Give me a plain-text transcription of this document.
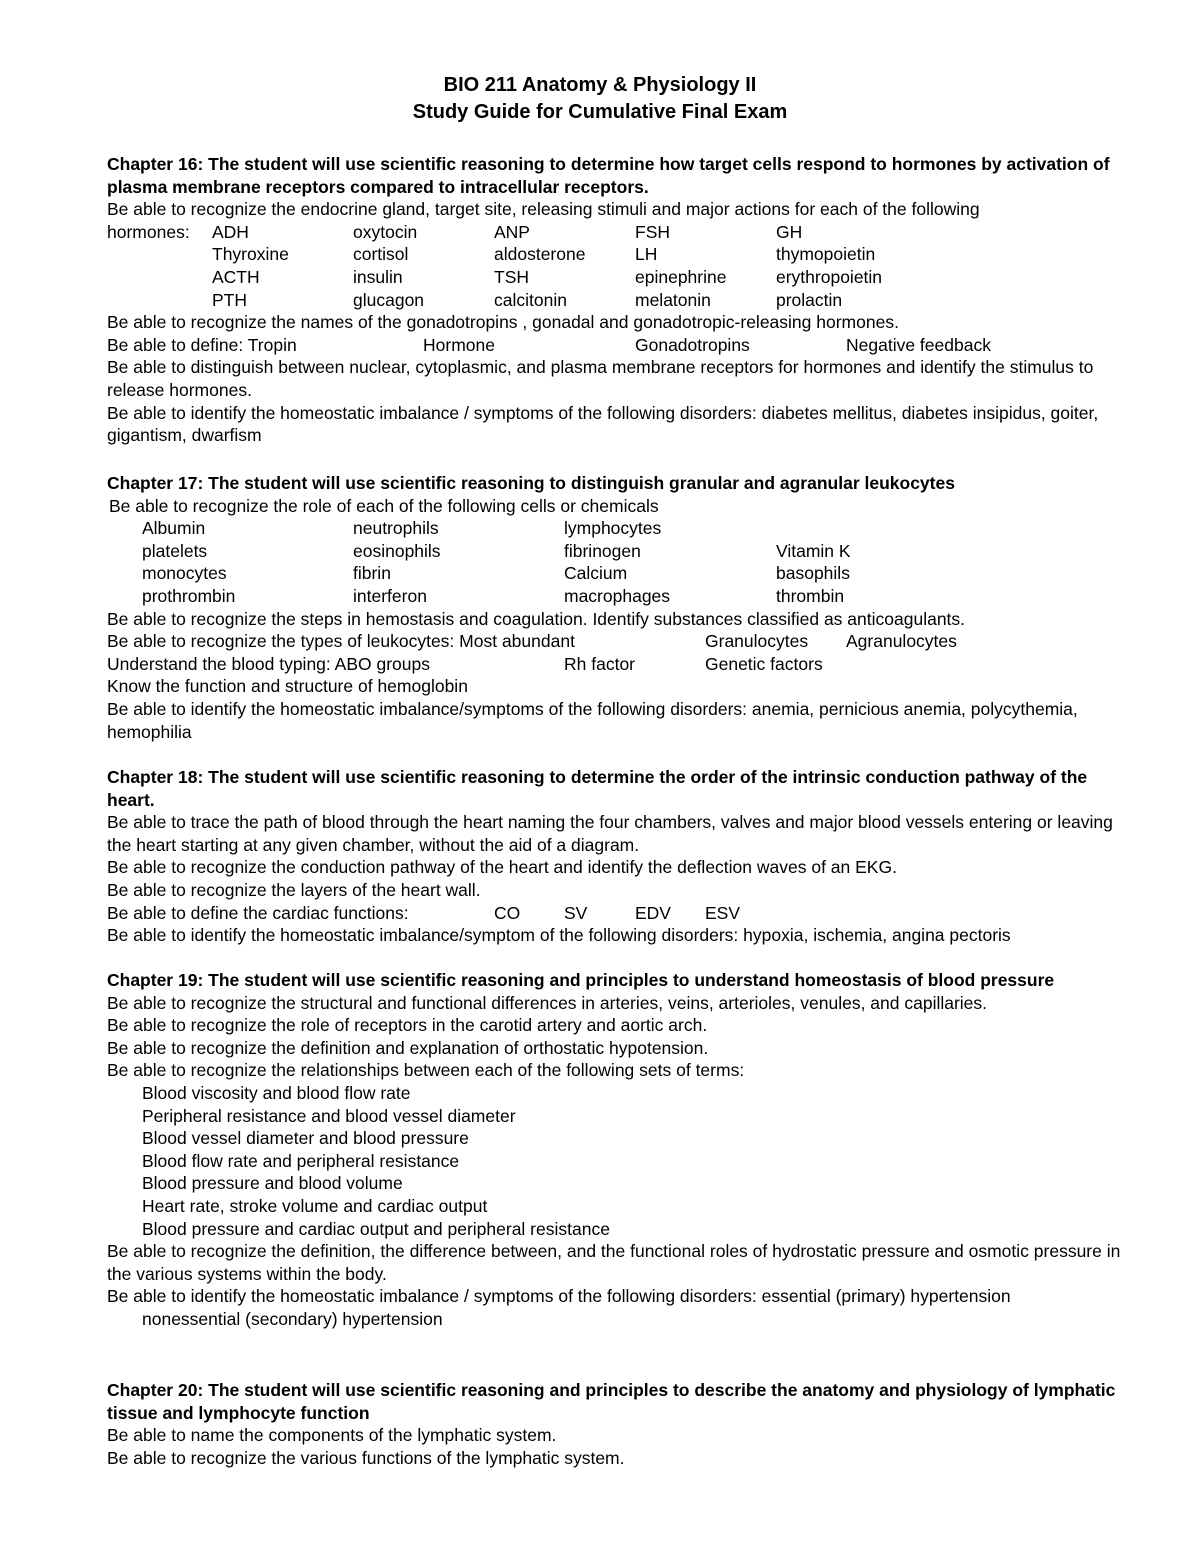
BIO 211 Anatomy & Physiology II
Study Guide for Cumulative Final Exam
Chapter 16: The student will use scientific reasoning to determine how target cells respond to hormones by activation of plasma membrane receptors compared to intracellular receptors.
Be able to recognize the endocrine gland, target site, releasing stimuli and major actions for each of the following
hormones: ADH	oxytocin	ANP	FSH	GH
Thyroxine	cortisol	aldosterone	LH	thymopoietin
ACTH	insulin	TSH	epinephrine	erythropoietin
PTH	glucagon	calcitonin	melatonin	prolactin
Be able to recognize the names of the gonadotropins , gonadal and gonadotropic-releasing hormones.
Be able to define: Tropin	Hormone	Gonadotropins	Negative feedback
Be able to distinguish between nuclear, cytoplasmic, and plasma membrane receptors for hormones and identify the stimulus to release hormones.
Be able to identify the homeostatic imbalance / symptoms of the following disorders: diabetes mellitus, diabetes insipidus, goiter, gigantism, dwarfism
Chapter 17: The student will use scientific reasoning to distinguish granular and agranular leukocytes
Be able to recognize the role of each of the following cells or chemicals
Albumin	neutrophils	lymphocytes
platelets	eosinophils	fibrinogen	Vitamin K
monocytes	fibrin	Calcium	basophils
prothrombin	interferon	macrophages	thrombin
Be able to recognize the steps in hemostasis and coagulation. Identify substances classified as anticoagulants.
Be able to recognize the types of leukocytes: Most abundant	Granulocytes Agranulocytes
Understand the blood typing: ABO groups	Rh factor	Genetic factors
Know the function and structure of hemoglobin
Be able to identify the homeostatic imbalance/symptoms of the following disorders: anemia, pernicious anemia, polycythemia, hemophilia
Chapter 18: The student will use scientific reasoning to determine the order of the intrinsic conduction pathway of the heart.
Be able to trace the path of blood through the heart naming the four chambers, valves and major blood vessels entering or leaving the heart starting at any given chamber, without the aid of a diagram.
Be able to recognize the conduction pathway of the heart and identify the deflection waves of an EKG.
Be able to recognize the layers of the heart wall.
Be able to define the cardiac functions:	CO	SV	EDV ESV
Be able to identify the homeostatic imbalance/symptom of the following disorders: hypoxia, ischemia, angina pectoris
Chapter 19: The student will use scientific reasoning and principles to understand homeostasis of blood pressure
Be able to recognize the structural and functional differences in arteries, veins, arterioles, venules, and capillaries.
Be able to recognize the role of receptors in the carotid artery and aortic arch.
Be able to recognize the definition and explanation of orthostatic hypotension.
Be able to recognize the relationships between each of the following sets of terms:
Blood viscosity and blood flow rate
Peripheral resistance and blood vessel diameter
Blood vessel diameter and blood pressure
Blood flow rate and peripheral resistance
Blood pressure and blood volume
Heart rate, stroke volume and cardiac output
Blood pressure and cardiac output and peripheral resistance
Be able to recognize the definition, the difference between, and the functional roles of hydrostatic pressure and osmotic pressure in the various systems within the body.
Be able to identify the homeostatic imbalance / symptoms of the following disorders: essential (primary) hypertension
nonessential (secondary) hypertension
Chapter 20: The student will use scientific reasoning and principles to describe the anatomy and physiology of lymphatic tissue and lymphocyte function
Be able to name the components of the lymphatic system.
Be able to recognize the various functions of the lymphatic system.
